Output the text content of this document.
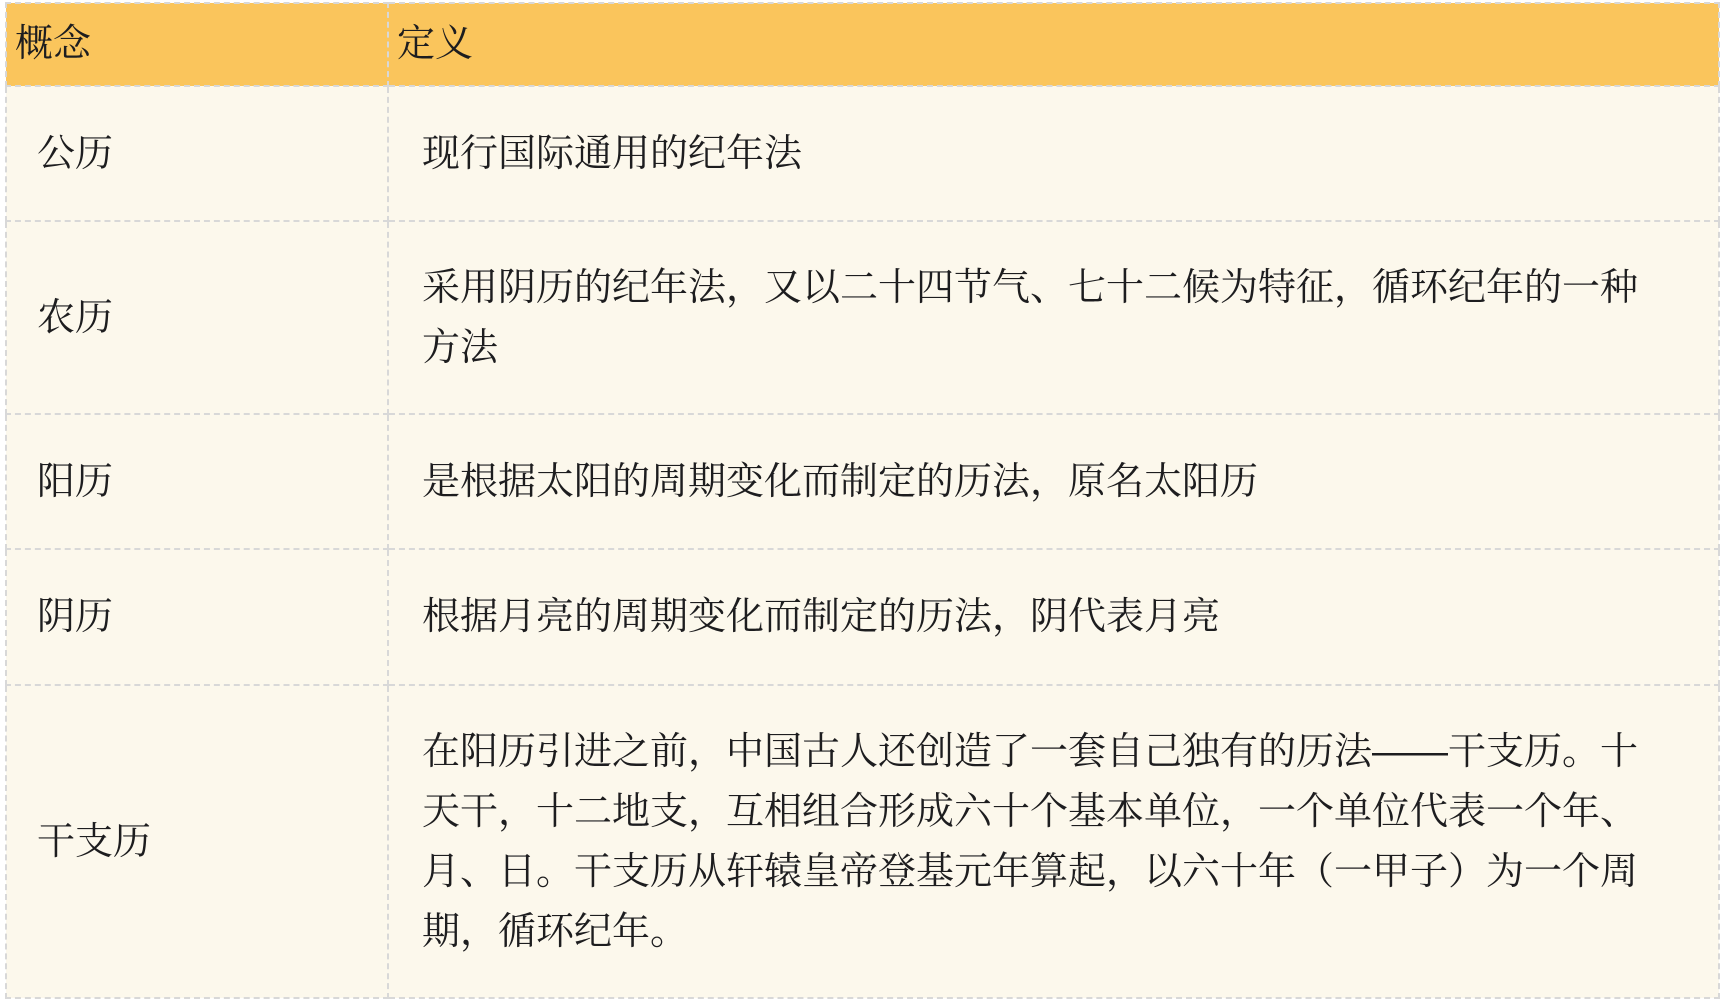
概念	定义
公历	现行国际通用的纪年法
农历	采用阴历的纪年法，又以二十四节气、七十二候为特征，循环纪年的一种方法
阳历	是根据太阳的周期变化而制定的历法，原名太阳历
阴历	根据月亮的周期变化而制定的历法，阴代表月亮
干支历	在阳历引进之前，中国古人还创造了一套自己独有的历法——干支历。十天干，十二地支，互相组合形成六十个基本单位，一个单位代表一个年、月、日。干支历从轩辕皇帝登基元年算起，以六十年（一甲子）为一个周期，循环纪年。
